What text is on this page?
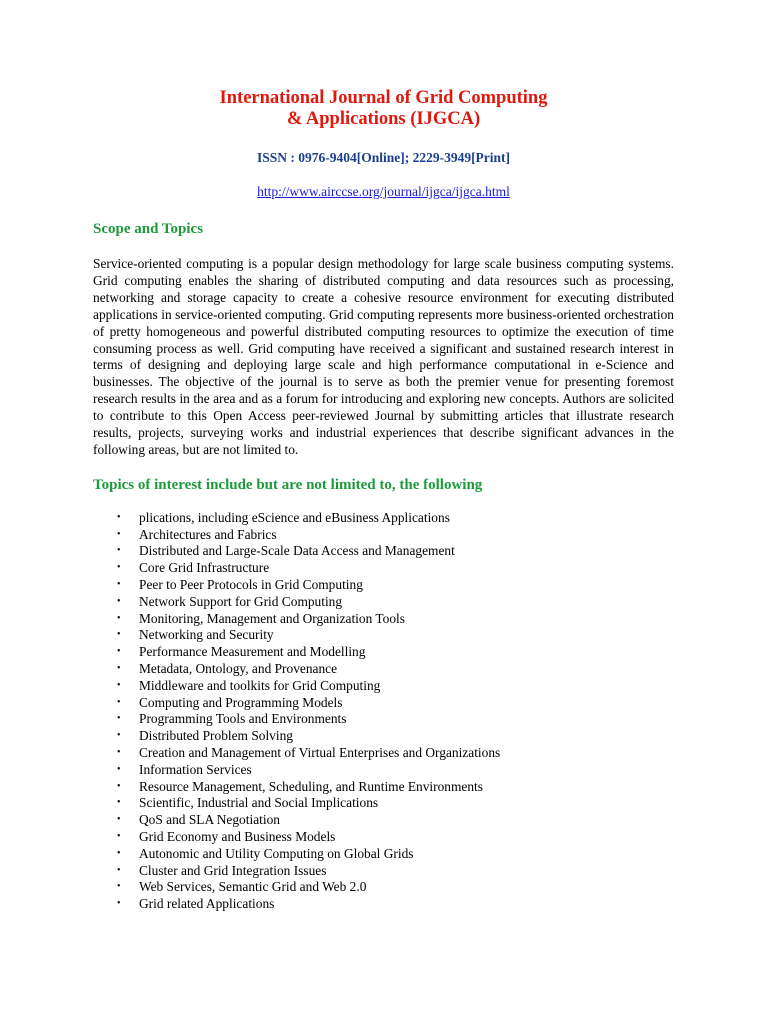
International Journal of Grid Computing
& Applications (IJGCA)

ISSN : 0976-9404[Online]; 2229-3949[Print]

http://www.airccse.org/journal/ijgca/ijgca.html

Scope and Topics

Service-oriented computing is a popular design methodology for large scale business computing systems. Grid computing enables the sharing of distributed computing and data resources such as processing, networking and storage capacity to create a cohesive resource environment for executing distributed applications in service-oriented computing. Grid computing represents more business-oriented orchestration of pretty homogeneous and powerful distributed computing resources to optimize the execution of time consuming process as well. Grid computing have received a significant and sustained research interest in terms of designing and deploying large scale and high performance computational in e-Science and businesses. The objective of the journal is to serve as both the premier venue for presenting foremost research results in the area and as a forum for introducing and exploring new concepts. Authors are solicited to contribute to this Open Access peer-reviewed Journal by submitting articles that illustrate research results, projects, surveying works and industrial experiences that describe significant advances in the following areas, but are not limited to.

Topics of interest include but are not limited to, the following
• plications, including eScience and eBusiness Applications
• Architectures and Fabrics
• Distributed and Large-Scale Data Access and Management
• Core Grid Infrastructure
• Peer to Peer Protocols in Grid Computing
• Network Support for Grid Computing
• Monitoring, Management and Organization Tools
• Networking and Security
• Performance Measurement and Modelling
• Metadata, Ontology, and Provenance
• Middleware and toolkits for Grid Computing
• Computing and Programming Models
• Programming Tools and Environments
• Distributed Problem Solving
• Creation and Management of Virtual Enterprises and Organizations
• Information Services
• Resource Management, Scheduling, and Runtime Environments
• Scientific, Industrial and Social Implications
• QoS and SLA Negotiation
• Grid Economy and Business Models
• Autonomic and Utility Computing on Global Grids
• Cluster and Grid Integration Issues
• Web Services, Semantic Grid and Web 2.0
• Grid related Applications
